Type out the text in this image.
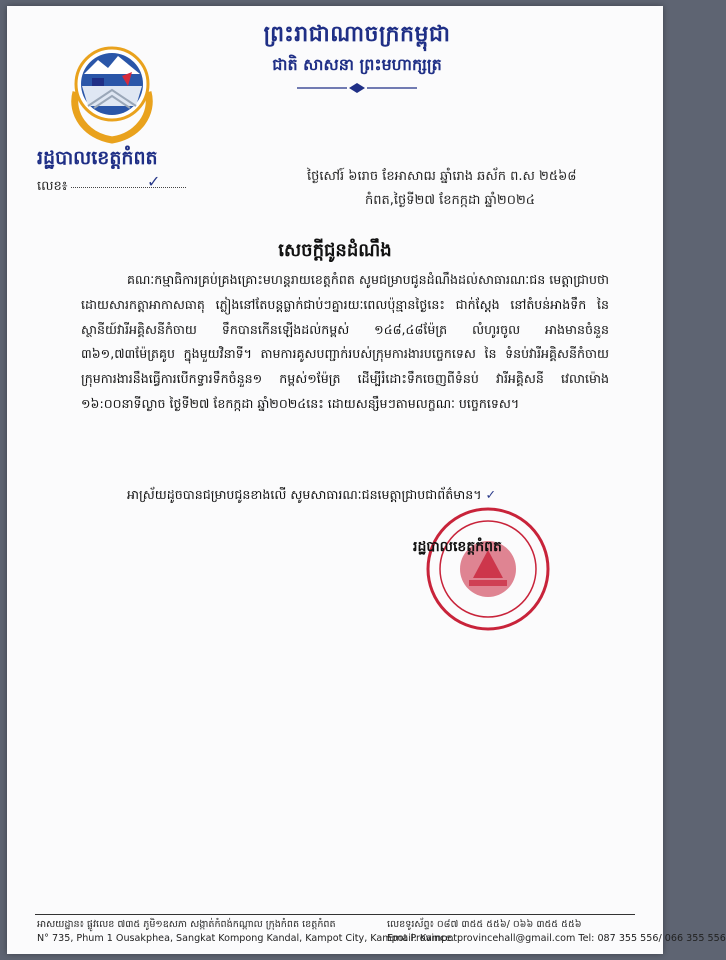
រដ្ឋបាលខេត្តកំពត
លេខ៖	✓
ព្រះរាជាណាចក្រកម្ពុជា
ជាតិ សាសនា ព្រះមហាក្សត្រ
ថ្ងៃសៅរ៍ ៦រោច ខែអាសាឍ ឆ្នាំរោង ឆស័ក ព.ស ២៥៦៨
កំពត,ថ្ងៃទី២៧ ខែកក្កដា ឆ្នាំ២០២៤
សេចក្តីជូនដំណឹង
គណៈកម្មាធិការគ្រប់គ្រងគ្រោះមហន្តរាយខេត្តកំពត សូមជម្រាបជូនដំណឹងដល់សាធារណៈជន មេត្តាជ្រាបថា ដោយសារកត្តាអាកាសធាតុ ភ្លៀងនៅតែបន្តធ្លាក់ជាប់ៗគ្នារយៈពេលប៉ុន្មានថ្ងៃនេះ ជាក់ស្តែង នៅតំបន់អាងទឹក នៃស្ថានីយ៍វារីអគ្គិសនីកំចាយ ទឹកបានកើនឡើងដល់កម្ពស់ ១៤៨,៤៨ម៉ែត្រ លំហូរចូល អាងមានចំនួន ៣៦១,៧៣ម៉ែត្រគូប ក្នុងមួយវិនាទី។ តាមការគូសបញ្ជាក់របស់ក្រុមការងារបច្ចេកទេស នៃ ទំនប់វារីអគ្គិសនីកំចាយ ក្រុមការងារនឹងធ្វើការបើកទ្វារទឹកចំនួន១ កម្ពស់១ម៉ែត្រ ដើម្បីរំដោះទឹកចេញពីទំនប់ វារីអគ្គិសនី វេលាម៉ោង ១៦:០០នាទីល្ងាច ថ្ងៃទី២៧ ខែកក្កដា ឆ្នាំ២០២៤នេះ ដោយសន្សឹមៗតាមលក្ខណៈ បច្ចេកទេស។
អាស្រ័យដូចបានជម្រាបជូនខាងលើ សូមសាធារណៈជនមេត្តាជ្រាបជាព័ត៌មាន។ ✓
រដ្ឋបាលខេត្តកំពត
អាសយដ្ឋាន៖ ផ្លូវលេខ ៧៣៥ ភូមិ១ឧសភា សង្កាត់កំពង់កណ្តាល ក្រុងកំពត ខេត្តកំពត
N° 735, Phum 1 Ousakphea, Sangkat Kompong Kandal, Kampot City, Kampot Province.
លេខទូរស័ព្ទ៖ ០៨៧ ៣៥៥ ៥៥៦/ ០៦៦ ៣៥៥ ៥៥៦
Email: Kampotprovincehall@gmail.com Tel: 087 355 556/ 066 355 556
